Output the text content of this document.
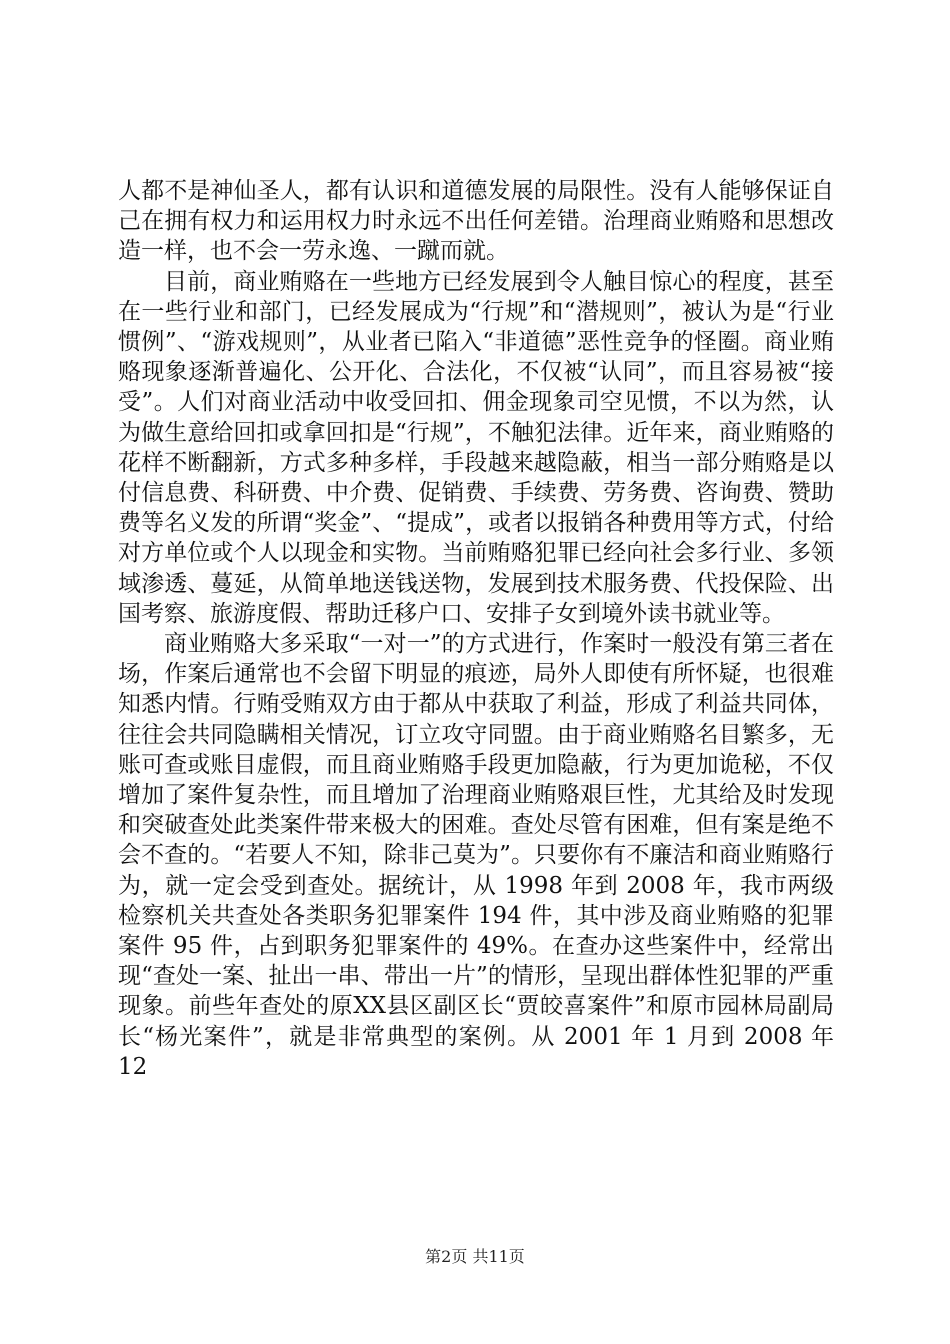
人都不是神仙圣人，都有认识和道德发展的局限性。没有人能够保证自己在拥有权力和运用权力时永远不出任何差错。治理商业贿赂和思想改造一样，也不会一劳永逸、一蹴而就。

目前，商业贿赂在一些地方已经发展到令人触目惊心的程度，甚至在一些行业和部门，已经发展成为“行规”和“潜规则”，被认为是“行业惯例”、“游戏规则”，从业者已陷入“非道德”恶性竞争的怪圈。商业贿赂现象逐渐普遍化、公开化、合法化，不仅被“认同”，而且容易被“接受”。人们对商业活动中收受回扣、佣金现象司空见惯，不以为然，认为做生意给回扣或拿回扣是“行规”，不触犯法律。近年来，商业贿赂的花样不断翻新，方式多种多样，手段越来越隐蔽，相当一部分贿赂是以付信息费、科研费、中介费、促销费、手续费、劳务费、咨询费、赞助费等名义发的所谓“奖金”、“提成”，或者以报销各种费用等方式，付给对方单位或个人以现金和实物。当前贿赂犯罪已经向社会多行业、多领域渗透、蔓延，从简单地送钱送物，发展到技术服务费、代投保险、出国考察、旅游度假、帮助迁移户口、安排子女到境外读书就业等。

商业贿赂大多采取“一对一”的方式进行，作案时一般没有第三者在场，作案后通常也不会留下明显的痕迹，局外人即使有所怀疑，也很难知悉内情。行贿受贿双方由于都从中获取了利益，形成了利益共同体，往往会共同隐瞒相关情况，订立攻守同盟。由于商业贿赂名目繁多，无账可查或账目虚假，而且商业贿赂手段更加隐蔽，行为更加诡秘，不仅增加了案件复杂性，而且增加了治理商业贿赂艰巨性，尤其给及时发现和突破查处此类案件带来极大的困难。查处尽管有困难，但有案是绝不会不查的。“若要人不知，除非己莫为”。只要你有不廉洁和商业贿赂行为，就一定会受到查处。据统计，从 1998 年到 2008 年，我市两级检察机关共查处各类职务犯罪案件 194 件，其中涉及商业贿赂的犯罪案件 95 件，占到职务犯罪案件的 49%。在查办这些案件中，经常出现“查处一案、扯出一串、带出一片”的情形，呈现出群体性犯罪的严重现象。前些年查处的原XX县区副区长“贾皎喜案件”和原市园林局副局长“杨光案件”，就是非常典型的案例。从 2001 年 1 月到 2008 年 12

第2页 共11页
